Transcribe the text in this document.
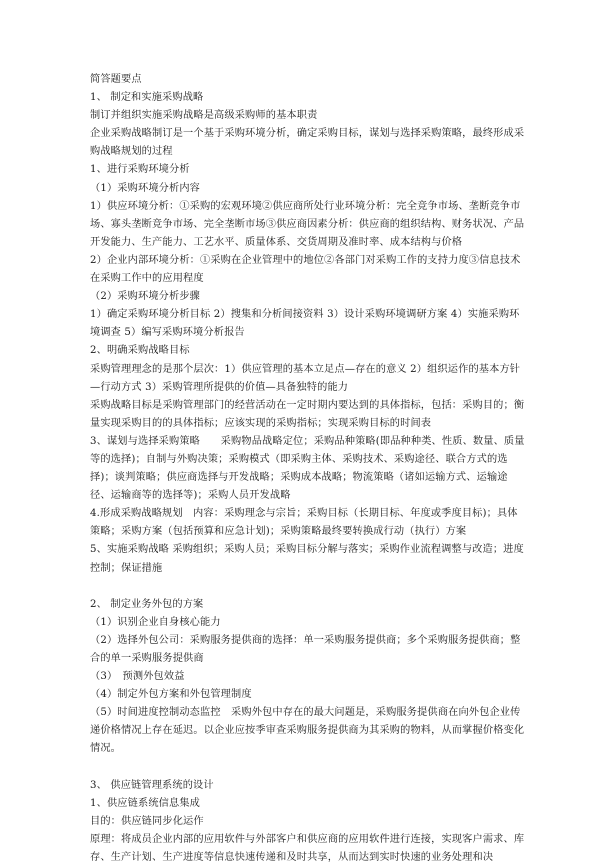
简答题要点

1、 制定和实施采购战略

制订并组织实施采购战略是高级采购师的基本职责

企业采购战略制订是一个基于采购环境分析，确定采购目标，谋划与选择采购策略，最终形成采购战略规划的过程

1、进行采购环境分析

（1）采购环境分析内容

1）供应环境分析：①采购的宏观环境②供应商所处行业环境分析：完全竞争市场、垄断竞争市场、寡头垄断竞争市场、完全垄断市场③供应商因素分析：供应商的组织结构、财务状况、产品开发能力、生产能力、工艺水平、质量体系、交货周期及准时率、成本结构与价格

2）企业内部环境分析：①采购在企业管理中的地位②各部门对采购工作的支持力度③信息技术在采购工作中的应用程度

（2）采购环境分析步骤

1）确定采购环境分析目标 2）搜集和分析间接资料 3）设计采购环境调研方案 4）实施采购环境调查 5）编写采购环境分析报告

2、明确采购战略目标

采购管理理念的是那个层次：1）供应管理的基本立足点—存在的意义 2）组织运作的基本方针—行动方式 3）采购管理所提供的价值—具备独特的能力

采购战略目标是采购管理部门的经营活动在一定时期内要达到的具体指标，包括：采购目的；衡量实现采购目的的具体指标；应该实现的采购指标；实现采购目标的时间表

3、谋划与选择采购策略　　采购物品战略定位；采购品种策略(即品种种类、性质、数量、质量等的选择)；自制与外购决策；采购模式（即采购主体、采购技术、采购途径、联合方式的选择)；谈判策略；供应商选择与开发战略；采购成本战略；物流策略（诸如运输方式、运输途径、运输商等的选择等)；采购人员开发战略

4.形成采购战略规划　内容：采购理念与宗旨；采购目标（长期目标、年度或季度目标)；具体策略；采购方案（包括预算和应急计划)；采购策略最终要转换成行动（执行）方案

5、实施采购战略 采购组织；采购人员；采购目标分解与落实；采购作业流程调整与改造；进度控制；保证措施

2、 制定业务外包的方案

（1）识别企业自身核心能力

（2）选择外包公司：采购服务提供商的选择：单一采购服务提供商；多个采购服务提供商；整合的单一采购服务提供商

（3）　预测外包效益

（4）制定外包方案和外包管理制度

（5）时间进度控制动态监控　采购外包中存在的最大问题是，采购服务提供商在向外包企业传递价格情况上存在延迟。以企业应按季审查采购服务提供商为其采购的物料，从而掌握价格变化情况。

3、 供应链管理系统的设计

1、供应链系统信息集成

目的：供应链同步化运作

原理：将成员企业内部的应用软件与外部客户和供应商的应用软件进行连接，实现客户需求、库存、生产计划、生产进度等信息快速传递和及时共享，从而达到实时快速的业务处理和决
